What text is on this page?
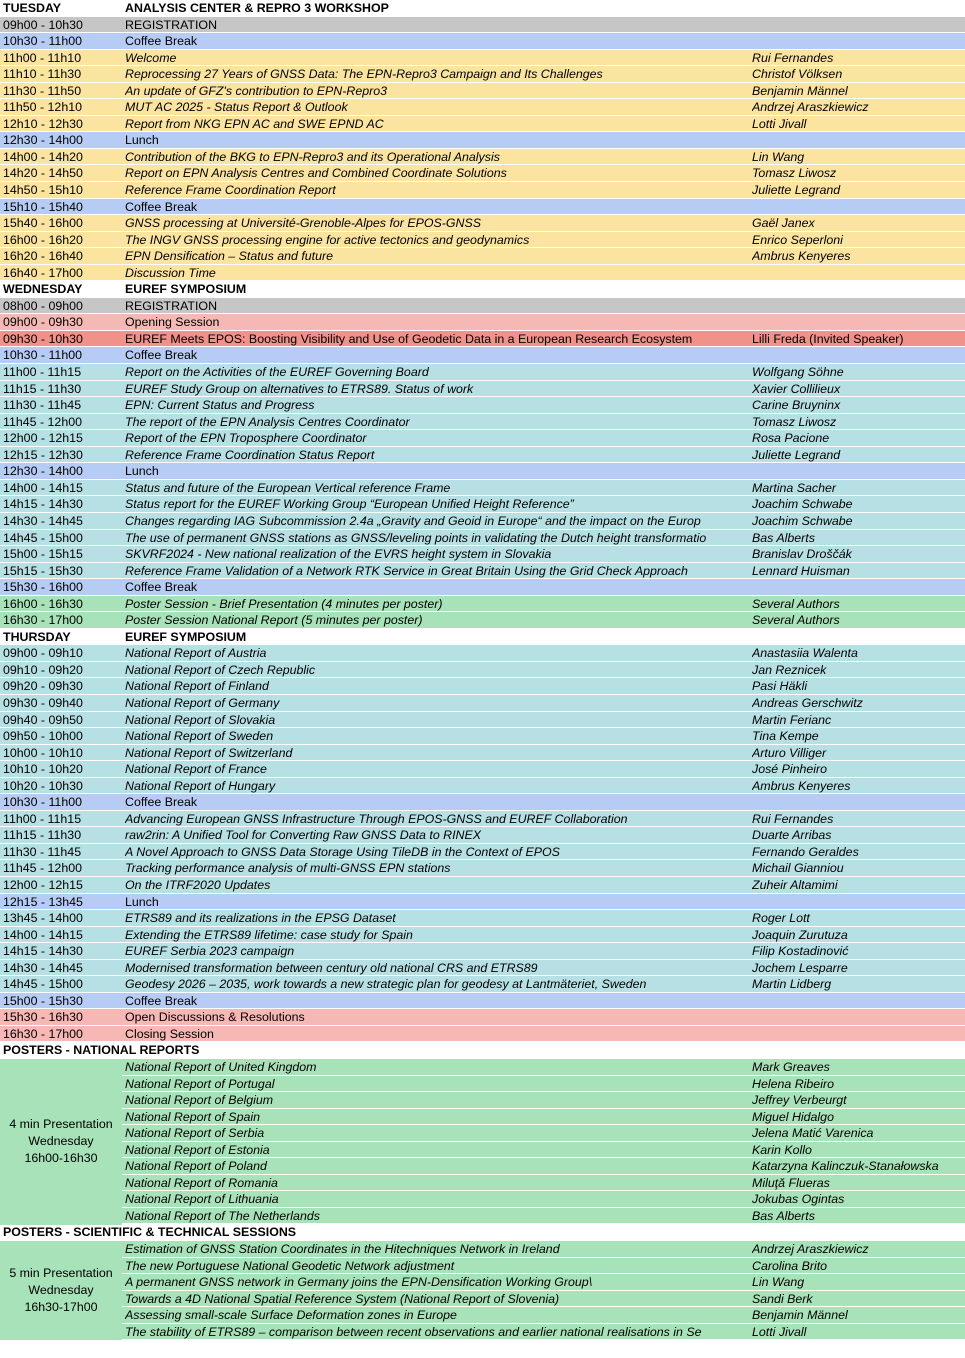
TUESDAY	ANALYSIS CENTER & REPRO 3 WORKSHOP
09h00 - 10h30	REGISTRATION
10h30 - 11h00	Coffee Break
11h00 - 11h10	Welcome	Rui Fernandes
11h10 - 11h30	Reprocessing 27 Years of GNSS Data: The EPN-Repro3 Campaign and Its Challenges	Christof Völksen
11h30 - 11h50	An update of GFZ's contribution to EPN-Repro3	Benjamin Männel
11h50 - 12h10	MUT AC 2025 - Status Report & Outlook	Andrzej Araszkiewicz
12h10 - 12h30	Report from NKG EPN AC and SWE EPND AC	Lotti Jivall
12h30 - 14h00	Lunch
14h00 - 14h20	Contribution of the BKG to EPN-Repro3 and its Operational Analysis	Lin Wang
14h20 - 14h50	Report on EPN Analysis Centres and Combined Coordinate Solutions	Tomasz Liwosz
14h50 - 15h10	Reference Frame Coordination Report	Juliette Legrand
15h10 - 15h40	Coffee Break
15h40 - 16h00	GNSS processing at Université-Grenoble-Alpes for EPOS-GNSS	Gaël Janex
16h00 - 16h20	The INGV GNSS processing engine for active tectonics and geodynamics	Enrico Seperloni
16h20 - 16h40	EPN Densification – Status and future	Ambrus Kenyeres
16h40 - 17h00	Discussion Time
WEDNESDAY	EUREF SYMPOSIUM
08h00 - 09h00	REGISTRATION
09h00 - 09h30	Opening Session
09h30 - 10h30	EUREF Meets EPOS: Boosting Visibility and Use of Geodetic Data in a European Research Ecosystem	Lilli Freda (Invited Speaker)
10h30 - 11h00	Coffee Break
11h00 - 11h15	Report on the Activities of the EUREF Governing Board	Wolfgang Söhne
11h15 - 11h30	EUREF Study Group on alternatives to ETRS89. Status of work	Xavier Collilieux
11h30 - 11h45	EPN: Current Status and Progress	Carine Bruyninx
11h45 - 12h00	The report of the EPN Analysis Centres Coordinator	Tomasz Liwosz
12h00 - 12h15	Report of the EPN Troposphere Coordinator	Rosa Pacione
12h15 - 12h30	Reference Frame Coordination Status Report	Juliette Legrand
12h30 - 14h00	Lunch
14h00 - 14h15	Status and future of the European Vertical reference Frame	Martina Sacher
14h15 - 14h30	Status report for the EUREF Working Group “European Unified Height Reference”	Joachim Schwabe
14h30 - 14h45	Changes regarding IAG Subcommission 2.4a „Gravity and Geoid in Europe“ and the impact on the Europ	Joachim Schwabe
14h45 - 15h00	The use of permanent GNSS stations as GNSS/leveling points in validating the Dutch height transformatio	Bas Alberts
15h00 - 15h15	SKVRF2024 - New national realization of the EVRS height system in Slovakia	Branislav Droščák
15h15 - 15h30	Reference Frame Validation of a Network RTK Service in Great Britain Using the Grid Check Approach	Lennard Huisman
15h30 - 16h00	Coffee Break
16h00 - 16h30	Poster Session - Brief Presentation (4 minutes per poster)	Several Authors
16h30 - 17h00	Poster Session National Report (5 minutes per poster)	Several Authors
THURSDAY	EUREF SYMPOSIUM
09h00 - 09h10	National Report of Austria	Anastasiia Walenta
09h10 - 09h20	National Report of Czech Republic	Jan Reznicek
09h20 - 09h30	National Report of Finland	Pasi Häkli
09h30 - 09h40	National Report of Germany	Andreas Gerschwitz
09h40 - 09h50	National Report of Slovakia	Martin Ferianc
09h50 - 10h00	National Report of Sweden	Tina Kempe
10h00 - 10h10	National Report of Switzerland	Arturo Villiger
10h10 - 10h20	National Report of France	José Pinheiro
10h20 - 10h30	National Report of Hungary	Ambrus Kenyeres
10h30 - 11h00	Coffee Break
11h00 - 11h15	Advancing European GNSS Infrastructure Through EPOS-GNSS and EUREF Collaboration	Rui Fernandes
11h15 - 11h30	raw2rin: A Unified Tool for Converting Raw GNSS Data to RINEX	Duarte Arribas
11h30 - 11h45	A Novel Approach to GNSS Data Storage Using TileDB in the Context of EPOS	Fernando Geraldes
11h45 - 12h00	Tracking performance analysis of multi-GNSS EPN stations	Michail Gianniou
12h00 - 12h15	On the ITRF2020 Updates	Zuheir Altamimi
12h15 - 13h45	Lunch
13h45 - 14h00	ETRS89 and its realizations in the EPSG Dataset	Roger Lott
14h00 - 14h15	Extending the ETRS89 lifetime: case study for Spain	Joaquin Zurutuza
14h15 - 14h30	EUREF Serbia 2023 campaign	Filip Kostadinović
14h30 - 14h45	Modernised transformation between century old national CRS and ETRS89	Jochem Lesparre
14h45 - 15h00	Geodesy 2026 – 2035, work towards a new strategic plan for geodesy at Lantmäteriet, Sweden	Martin Lidberg
15h00 - 15h30	Coffee Break
15h30 - 16h30	Open Discussions & Resolutions
16h30 - 17h00	Closing Session
POSTERS - NATIONAL REPORTS
4 min Presentation
Wednesday
16h00-16h30
National Report of United Kingdom	Mark Greaves
National Report of Portugal	Helena Ribeiro
National Report of Belgium	Jeffrey Verbeurgt
National Report of Spain	Miguel Hidalgo
National Report of Serbia	Jelena Matić Varenica
National Report of Estonia	Karin Kollo
National Report of Poland	Katarzyna Kalinczuk-Stanałowska
National Report of Romania	Miluţă Flueras
National Report of Lithuania	Jokubas Ogintas
National Report of The Netherlands	Bas Alberts
POSTERS - SCIENTIFIC & TECHNICAL SESSIONS
5 min Presentation
Wednesday
16h30-17h00
Estimation of GNSS Station Coordinates in the Hitechniques Network in Ireland	Andrzej Araszkiewicz
The new Portuguese National Geodetic Network adjustment	Carolina Brito
A permanent GNSS network in Germany joins the EPN-Densification Working Group\	Lin Wang
Towards a 4D National Spatial Reference System (National Report of Slovenia)	Sandi Berk
Assessing small-scale Surface Deformation zones in Europe	Benjamin Männel
The stability of ETRS89 – comparison between recent observations and earlier national realisations in Se	Lotti Jivall
